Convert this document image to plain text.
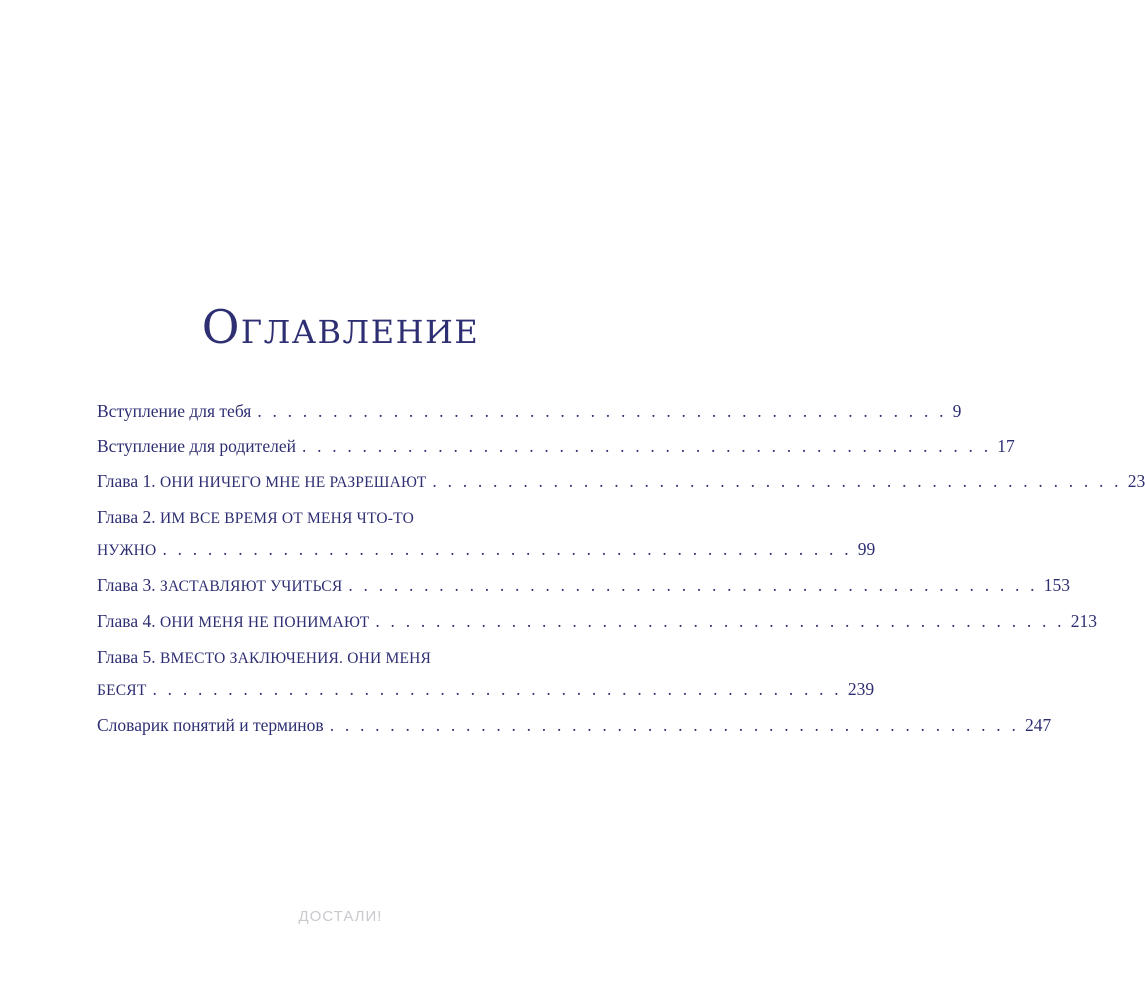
Оглавление
Вступление для тебя . . . . . . . . . . . . . . . . . . . . . . . . . . . . . . . . . . . . . . . . . . . . . . 9
Вступление для родителей . . . . . . . . . . . . . . . . . . . . . . . . . . . . . . . . . . . . . . . . . . . . . . 17
Глава 1. ОНИ НИЧЕГО МНЕ НЕ РАЗРЕШАЮТ . . . . . . . . . . . . . . . . . . . . . . . . . . . . . . . . . . . . . . . . . . . . . . 23
Глава 2. ИМ ВСЕ ВРЕМЯ ОТ МЕНЯ ЧТО-ТО
НУЖНО . . . . . . . . . . . . . . . . . . . . . . . . . . . . . . . . . . . . . . . . . . . . . . 99
Глава 3. ЗАСТАВЛЯЮТ УЧИТЬСЯ . . . . . . . . . . . . . . . . . . . . . . . . . . . . . . . . . . . . . . . . . . . . . . 153
Глава 4. ОНИ МЕНЯ НЕ ПОНИМАЮТ . . . . . . . . . . . . . . . . . . . . . . . . . . . . . . . . . . . . . . . . . . . . . . 213
Глава 5. ВМЕСТО ЗАКЛЮЧЕНИЯ. ОНИ МЕНЯ
БЕСЯТ . . . . . . . . . . . . . . . . . . . . . . . . . . . . . . . . . . . . . . . . . . . . . . 239
Словарик понятий и терминов . . . . . . . . . . . . . . . . . . . . . . . . . . . . . . . . . . . . . . . . . . . . . . 247
ДОСТАЛИ!
